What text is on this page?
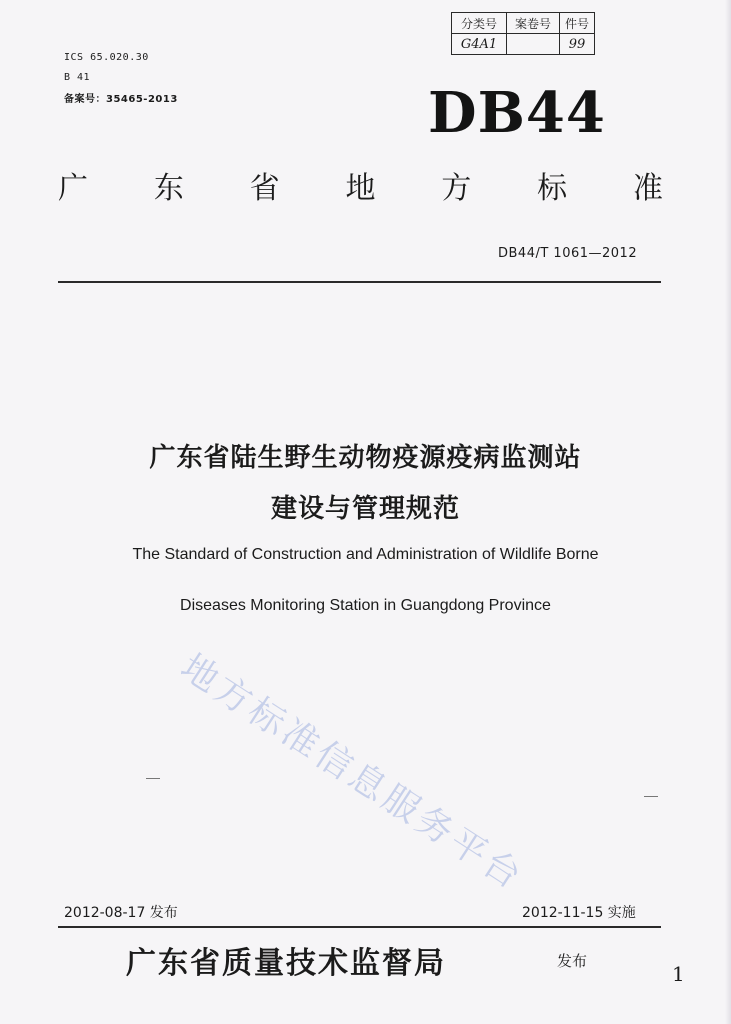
ICS 65.020.30
B 41
备案号：35465-2013
分类号	案卷号	件号
G4A1		99
DB44
广 东 省 地 方 标 准
DB44/T 1061—2012
广东省陆生野生动物疫源疫病监测站
建设与管理规范
The Standard of Construction and Administration of Wildlife Borne
Diseases Monitoring Station in Guangdong Province
地方标准信息服务平台
2012-08-17 发布	2012-11-15 实施
广东省质量技术监督局	发布
1
